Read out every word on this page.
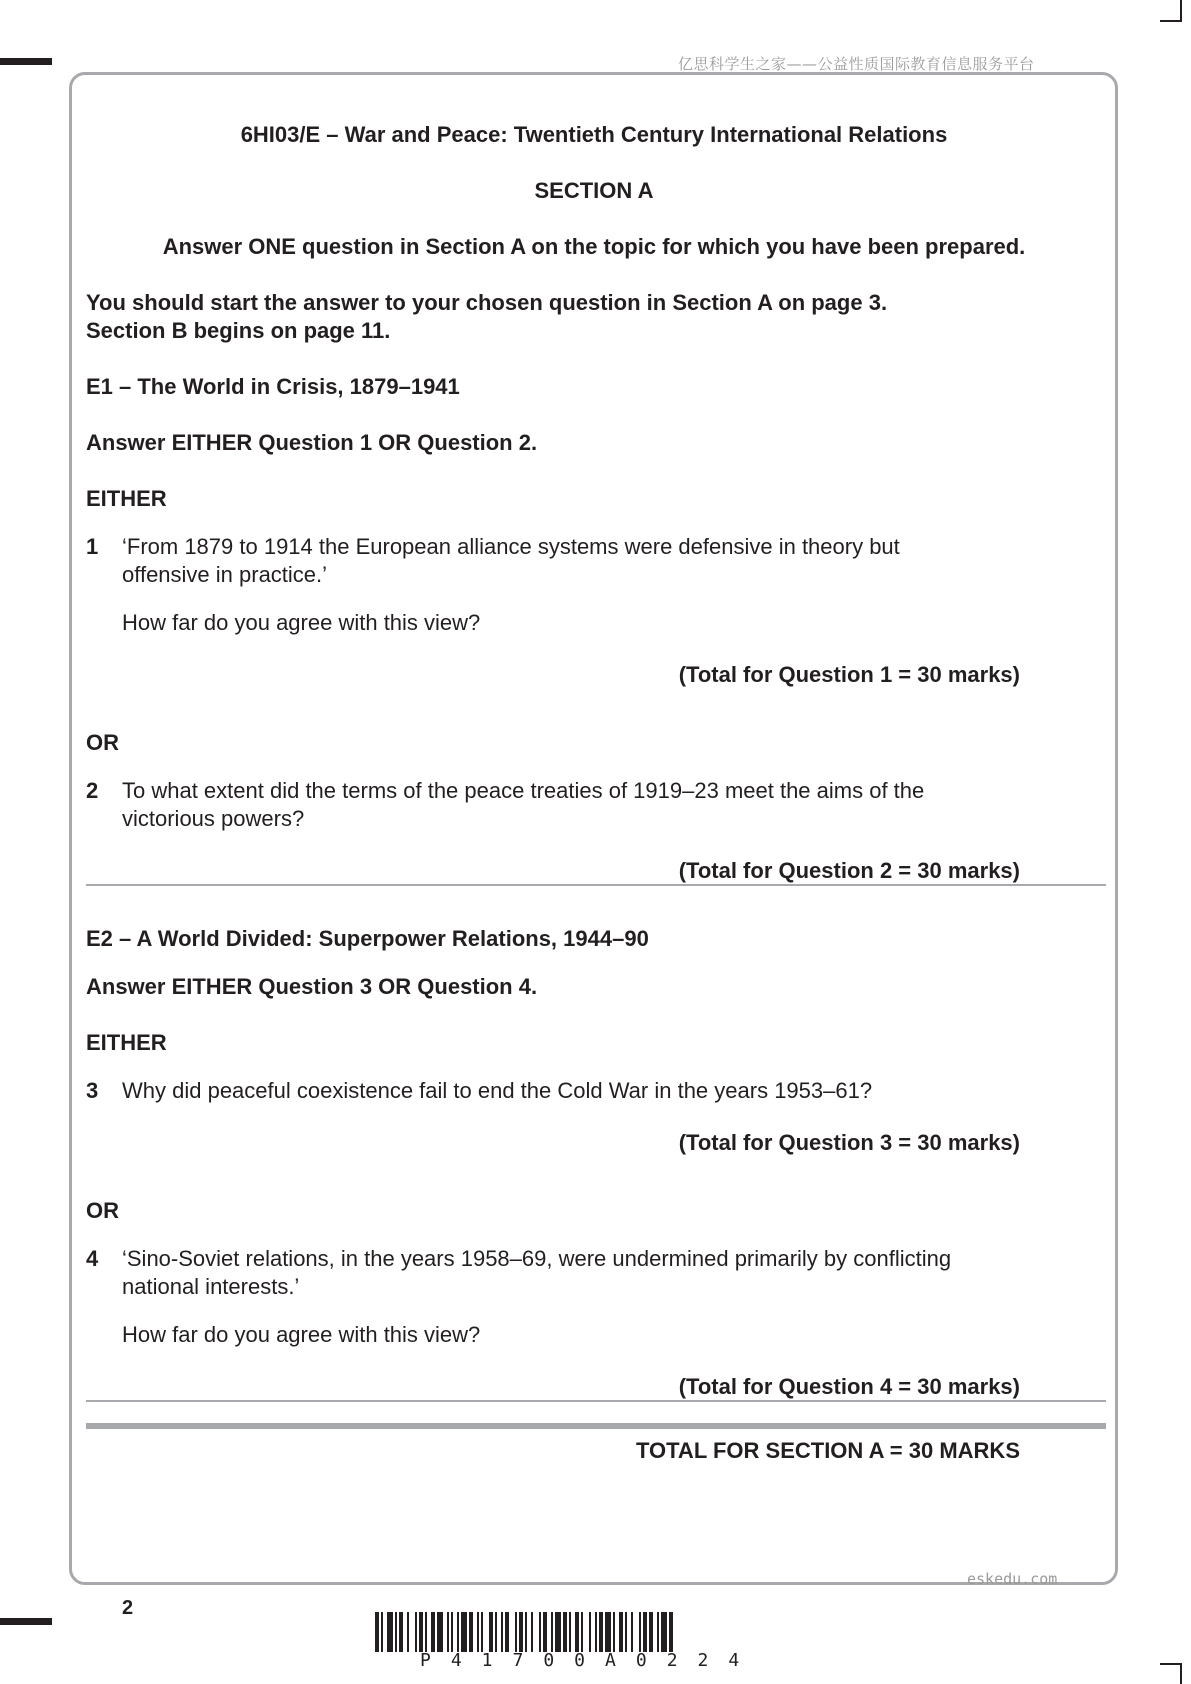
亿思科学生之家——公益性质国际教育信息服务平台
6HI03/E – War and Peace: Twentieth Century International Relations
SECTION A
Answer ONE question in Section A on the topic for which you have been prepared.
You should start the answer to your chosen question in Section A on page 3.
Section B begins on page 11.
E1 – The World in Crisis, 1879–1941
Answer EITHER Question 1 OR Question 2.
EITHER
1 ‘From 1879 to 1914 the European alliance systems were defensive in theory but
offensive in practice.’
How far do you agree with this view?
(Total for Question 1 = 30 marks)
OR
2 To what extent did the terms of the peace treaties of 1919–23 meet the aims of the
victorious powers?
(Total for Question 2 = 30 marks)
E2 – A World Divided: Superpower Relations, 1944–90
Answer EITHER Question 3 OR Question 4.
EITHER
3 Why did peaceful coexistence fail to end the Cold War in the years 1953–61?
(Total for Question 3 = 30 marks)
OR
4 ‘Sino-Soviet relations, in the years 1958–69, were undermined primarily by conflicting
national interests.’
How far do you agree with this view?
(Total for Question 4 = 30 marks)
TOTAL FOR SECTION A = 30 MARKS
eskedu.com
2
P41700A0224
